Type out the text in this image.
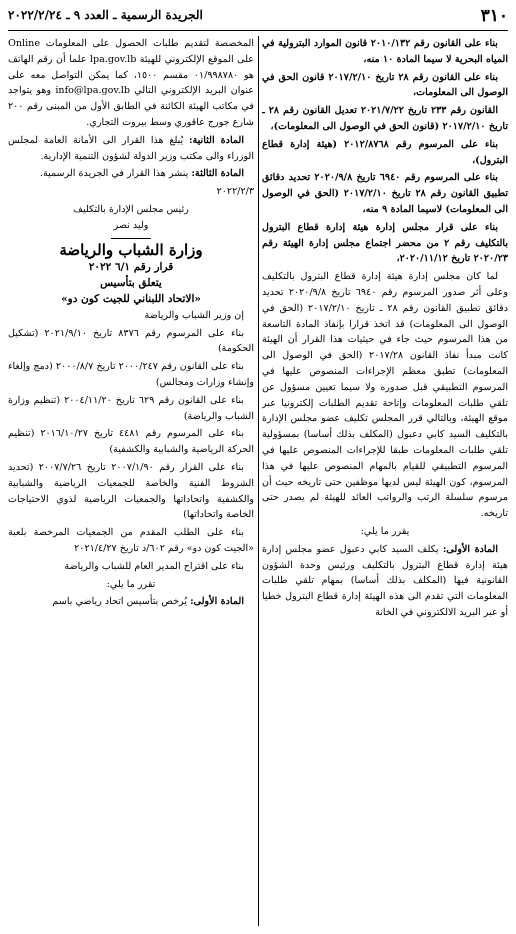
٣١٠
الجريدة الرسمية ـ العدد ٩ ـ ٢٠٢٢/٢/٢٤

بناء على القانون رقم ٢٠١٠/١٣٢ قانون الموارد البترولية في المياه البحرية لا سيما المادة ١٠ منه،

بناء على القانون رقم ٢٨ تاريخ ٢٠١٧/٢/١٠ قانون الحق في الوصول الى المعلومات،

القانون رقم ٢٣٣ تاريخ ٢٠٢١/٧/٢٢ تعديل القانون رقم ٢٨ ـ تاريخ ٢٠١٧/٢/١٠ (قانون الحق في الوصول الى المعلومات)،

بناء على المرسوم رقم ٢٠١٢/٨٧٦٨ (هيئة إدارة قطاع البترول)،

بناء على المرسوم رقم ٦٩٤٠ تاريخ ٢٠٢٠/٩/٨ تحديد دقائق تطبيق القانون رقم ٢٨ تاريخ ٢٠١٧/٢/١٠ (الحق في الوصول الى المعلومات) لاسيما المادة ٩ منه،

بناء على قرار مجلس إدارة هيئة إدارة قطاع البترول بالتكليف رقم ٢ من محضر اجتماع مجلس إدارة الهيئة رقم ٢٠٢٠/٢٣ تاريخ ٢٠٢٠/١١/١٢،

لما كان مجلس إدارة هيئة إدارة قطاع البترول بالتكليف وعلى أثر صدور المرسوم رقم ٦٩٤٠ تاريخ ٢٠٢٠/٩/٨ تحديد دقائق تطبيق القانون رقم ٢٨ ـ تاريخ ٢٠١٧/٢/١٠ (الحق في الوصول الى المعلومات) قد اتخذ قرارا بإنفاذ المادة التاسعة من هذا المرسوم حيث جاء في حيثيات هذا القرار أن الهيئة كانت مبدأ نفاذ القانون ٢٠١٧/٢٨ (الحق في الوصول الى المعلومات) تطبق معظم الإجراءات المنصوص عليها في المرسوم التطبيقي قبل صدوره ولا سيما تعيين مسؤول عن تلقي طلبات المعلومات وإتاحة تقديم الطلبات إلكترونيا عبر موقع الهيئة، وبالتالي قرر المجلس تكليف عضو مجلس الإدارة بالتكليف السيد كابي دعبول (المكلف بذلك أساسا) بمسؤولية تلقي طلبات المعلومات طبقا للإجراءات المنصوص عليها في المرسوم التطبيقي للقيام بالمهام المنصوص عليها في هذا المرسوم، كون الهيئة ليس لديها موظفين حتى تاريخه حيث أن مرسوم سلسلة الرتب والرواتب العائد للهيئة لم يصدر حتى تاريخه.

يقرر ما يلي:

المادة الأولى: يكلف السيد كابي دعبول عضو مجلس إدارة هيئة إدارة قطاع البترول بالتكليف ورئيس وحدة الشؤون القانونية فيها (المكلف بذلك أساسا) بمهام تلقي طلبات المعلومات التي تقدم الى هذه الهيئة إدارة قطاع البترول خطيا أو عبر البريد الالكتروني في الخانة

المخصصة لتقديم طلبات الحصول على المعلومات Online على الموقع الإلكتروني للهيئة lpa.gov.lb علما أن رقم الهاتف هو ٠١/٩٩٨٧٨٠ مقسم ١٥٠٠، كما يمكن التواصل معه على عنوان البريد الإلكتروني التالي info@lpa.gov.lb وهو يتواجد في مكاتب الهيئة الكائنة في الطابق الأول من المبنى رقم ٢٠٠ شارع جورج عاقوري وسط بيروت التجاري.

المادة الثانية: يُبلغ هذا القرار الى الأمانة العامة لمجلس الوزراء والى مكتب وزير الدولة لشؤون التنمية الإدارية.

المادة الثالثة: ينشر هذا القرار في الجريدة الرسمية.

٢٠٢٢/٢/٣

رئيس مجلس الإدارة بالتكليف

وليد نصر

وزارة الشباب والرياضة

قرار رقم ٦/١ ٢٠٢٢

يتعلق بتأسيس

«الاتحاد اللبناني للجيت كون دو»

إن وزير الشباب والرياضة

بناء على المرسوم رقم ٨٣٧٦ تاريخ ٢٠٢١/٩/١٠ (تشكيل الحكومة)

بناء على القانون رقم ٢٠٠٠/٢٤٧ تاريخ ٢٠٠٠/٨/٧ (دمج وإلغاء وإنشاء وزارات ومجالس)

بناء على القانون رقم ٦٢٩ تاريخ ٢٠٠٤/١١/٢٠ (تنظيم وزارة الشباب والرياضة)

بناء على المرسوم رقم ٤٤٨١ تاريخ ٢٠١٦/١٠/٢٧ (تنظيم الحركة الرياضية والشبابية والكشفية)

بناء على القرار رقم ٢٠٠٧/١/٩٠ تاريخ ٢٠٠٧/٧/٢٦ (تحديد الشروط الفنية والخاصة للجمعيات الرياضية والشبابية والكشفية واتحاداتها والجمعيات الرياضية لذوي الاحتياجات الخاصة واتحاداتها)

بناء على الطلب المقدم من الجمعيات المرخصة بلعبة «الجيت كون دو» رقم ٦٠٢/د تاريخ ٢٠٢١/٤/٢٧

بناء على اقتراح المدير العام للشباب والرياضة

تقرر ما يلي:

المادة الأولى: يُرخص بتأسيس اتحاد رياضي باسم
